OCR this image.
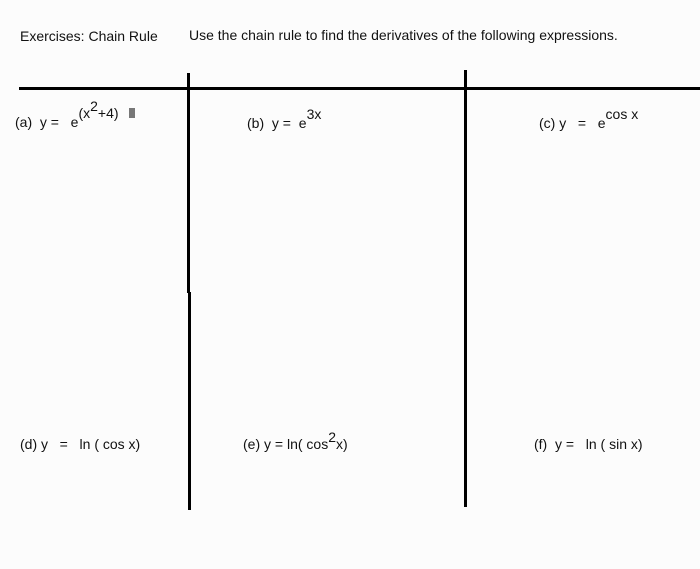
Exercises: Chain Rule Use the chain rule to find the derivatives of the following expressions.
(a) y = e(x2+4)
(b) y = e3x
(c) y = ecos x
(d) y = ln ( cos x)	(e) y = ln( cos2x)	(f) y = ln ( sin x)
